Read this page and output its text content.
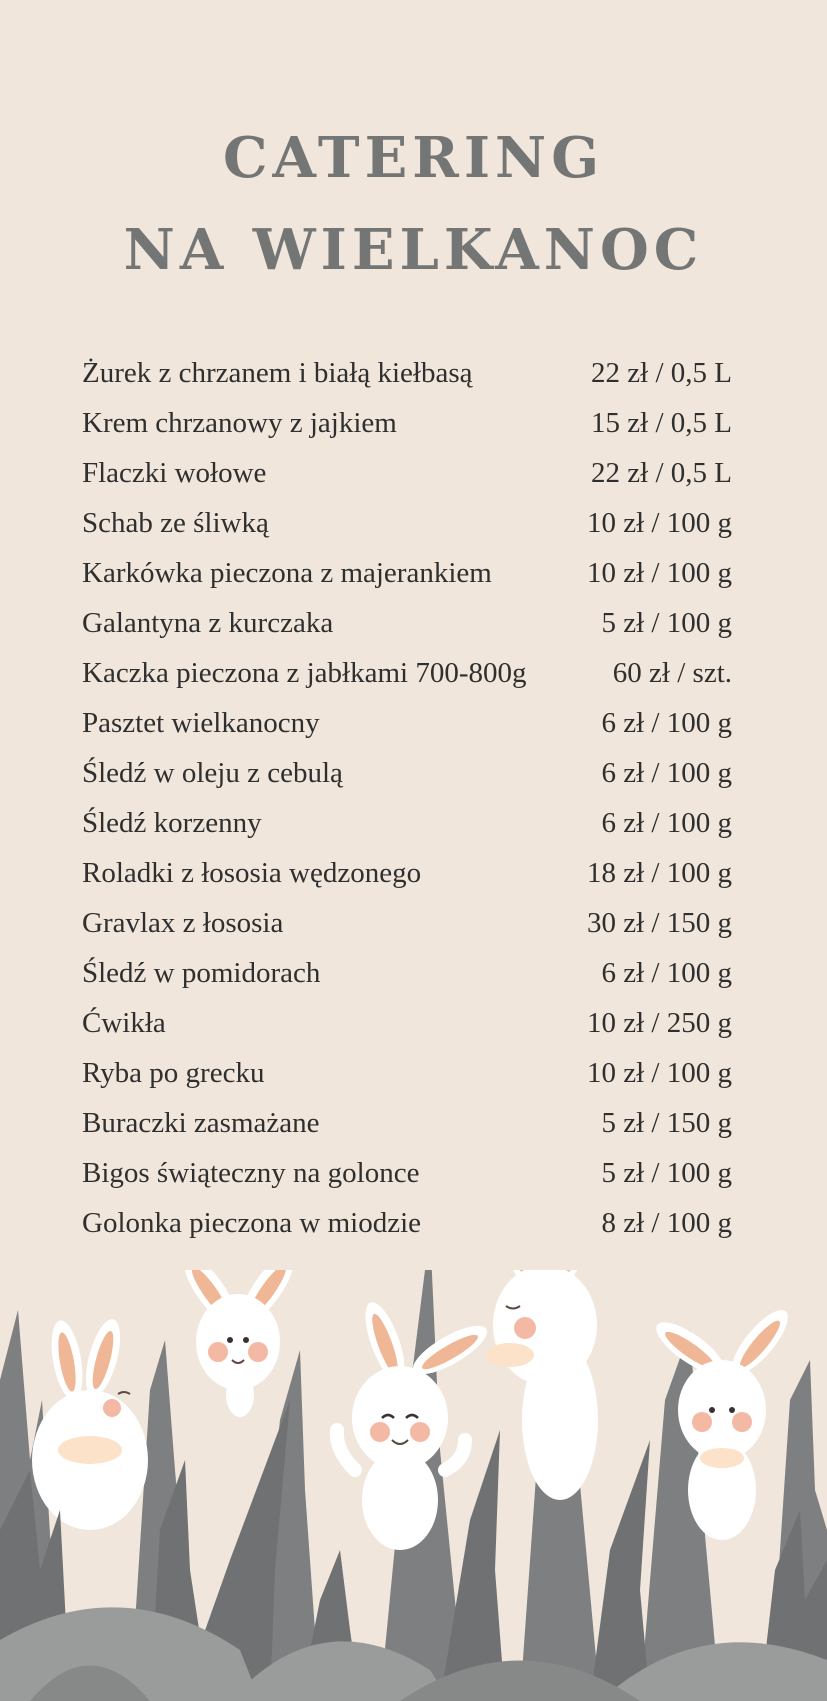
CATERING
NA WIELKANOC
Żurek z chrzanem i białą kiełbasą	22 zł / 0,5 L
Krem chrzanowy z jajkiem	15 zł / 0,5 L
Flaczki wołowe	22 zł / 0,5 L
Schab ze śliwką	10 zł / 100 g
Karkówka pieczona z majerankiem	10 zł / 100 g
Galantyna z kurczaka	5 zł / 100 g
Kaczka pieczona z jabłkami 700-800g	60 zł / szt.
Pasztet wielkanocny	6 zł / 100 g
Śledź w oleju z cebulą	6 zł / 100 g
Śledź korzenny	6 zł / 100 g
Roladki z łososia wędzonego	18 zł / 100 g
Gravlax z łososia	30 zł / 150 g
Śledź w pomidorach	6 zł / 100 g
Ćwikła	10 zł / 250 g
Ryba po grecku	10 zł / 100 g
Buraczki zasmażane	5 zł / 150 g
Bigos świąteczny na golonce	5 zł / 100 g
Golonka pieczona w miodzie	8 zł / 100 g
